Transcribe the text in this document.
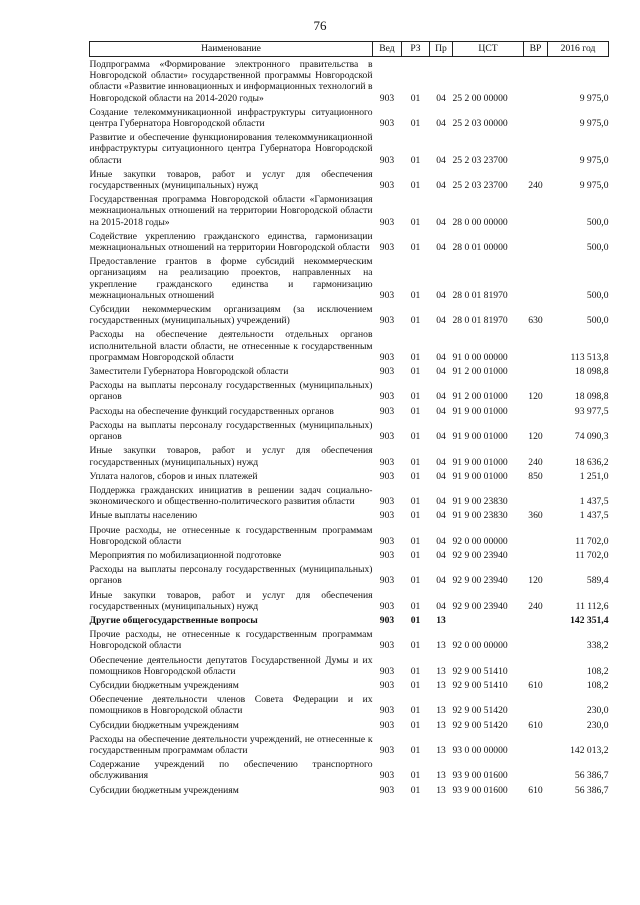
76
Наименование	Вед	РЗ	Пр	ЦСТ	ВР	2016 год
Подпрограмма «Формирование электронного правительства в Новгородской области» государственной программы Новгородской области «Развитие инновационных и информационных технологий в Новгородской области на 2014-2020 годы»	903	01	04	25 2 00 00000		9 975,0
Создание телекоммуникационной инфраструктуры ситуационного центра Губернатора Новгородской области	903	01	04	25 2 03 00000		9 975,0
Развитие и обеспечение функционирования телекоммуникационной инфраструктуры ситуационного центра Губернатора Новгородской области	903	01	04	25 2 03 23700		9 975,0
Иные закупки товаров, работ и услуг для обеспечения государственных (муниципальных) нужд	903	01	04	25 2 03 23700	240	9 975,0
Государственная программа Новгородской области «Гармонизация межнациональных отношений на территории Новгородской области на 2015-2018 годы»	903	01	04	28 0 00 00000		500,0
Содействие укреплению гражданского единства, гармонизации межнациональных отношений на территории Новгородской области	903	01	04	28 0 01 00000		500,0
Предоставление грантов в форме субсидий некоммерческим организациям на реализацию проектов, направленных на укрепление гражданского единства и гармонизацию межнациональных отношений	903	01	04	28 0 01 81970		500,0
Субсидии некоммерческим организациям (за исключением государственных (муниципальных) учреждений)	903	01	04	28 0 01 81970	630	500,0
Расходы на обеспечение деятельности отдельных органов исполнительной власти области, не отнесенные к государственным программам Новгородской области	903	01	04	91 0 00 00000		113 513,8
Заместители Губернатора Новгородской области	903	01	04	91 2 00 01000		18 098,8
Расходы на выплаты персоналу государственных (муниципальных) органов	903	01	04	91 2 00 01000	120	18 098,8
Расходы на обеспечение функций государственных органов	903	01	04	91 9 00 01000		93 977,5
Расходы на выплаты персоналу государственных (муниципальных) органов	903	01	04	91 9 00 01000	120	74 090,3
Иные закупки товаров, работ и услуг для обеспечения государственных (муниципальных) нужд	903	01	04	91 9 00 01000	240	18 636,2
Уплата налогов, сборов и иных платежей	903	01	04	91 9 00 01000	850	1 251,0
Поддержка гражданских инициатив в решении задач социально-экономического и общественно-политического развития области	903	01	04	91 9 00 23830		1 437,5
Иные выплаты населению	903	01	04	91 9 00 23830	360	1 437,5
Прочие расходы, не отнесенные к государственным программам Новгородской области	903	01	04	92 0 00 00000		11 702,0
Мероприятия по мобилизационной подготовке	903	01	04	92 9 00 23940		11 702,0
Расходы на выплаты персоналу государственных (муниципальных) органов	903	01	04	92 9 00 23940	120	589,4
Иные закупки товаров, работ и услуг для обеспечения государственных (муниципальных) нужд	903	01	04	92 9 00 23940	240	11 112,6
Другие общегосударственные вопросы	903	01	13			142 351,4
Прочие расходы, не отнесенные к государственным программам Новгородской области	903	01	13	92 0 00 00000		338,2
Обеспечение деятельности депутатов Государственной Думы и их помощников Новгородской области	903	01	13	92 9 00 51410		108,2
Субсидии бюджетным учреждениям	903	01	13	92 9 00 51410	610	108,2
Обеспечение деятельности членов Совета Федерации и их помощников в Новгородской области	903	01	13	92 9 00 51420		230,0
Субсидии бюджетным учреждениям	903	01	13	92 9 00 51420	610	230,0
Расходы на обеспечение деятельности учреждений, не отнесенные к государственным программам области	903	01	13	93 0 00 00000		142 013,2
Содержание учреждений по обеспечению транспортного обслуживания	903	01	13	93 9 00 01600		56 386,7
Субсидии бюджетным учреждениям	903	01	13	93 9 00 01600	610	56 386,7
